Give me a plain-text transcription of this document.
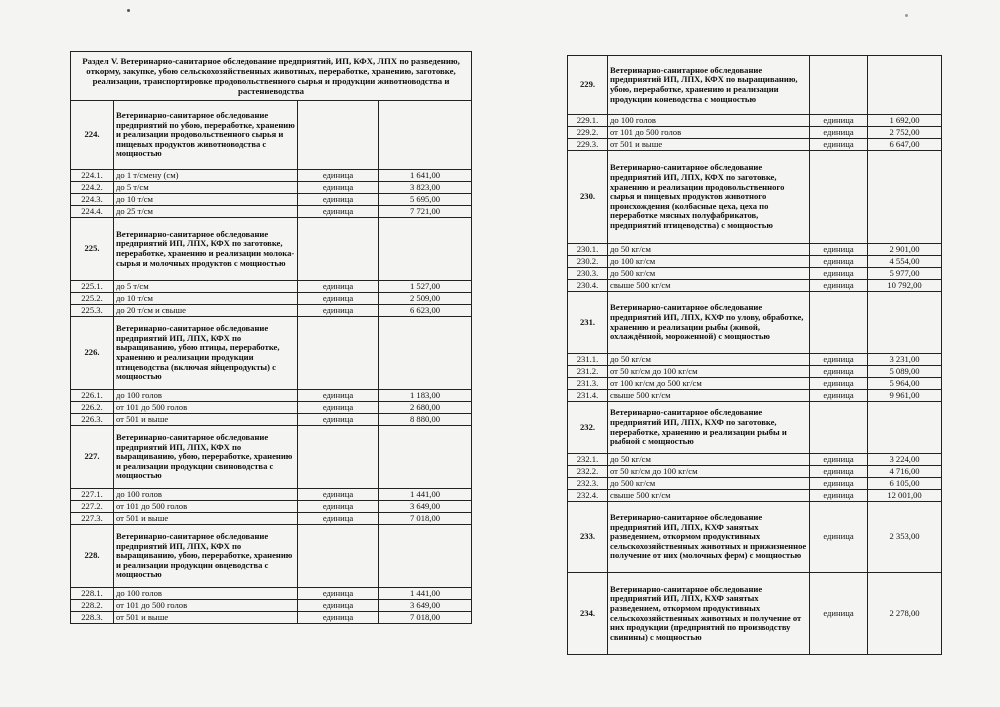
Раздел V. Ветеринарно-санитарное обследование предприятий, ИП, КФХ, ЛПХ по разведению, откорму, закупке, убою сельскохозяйственных животных, переработке, хранению, заготовке, реализации, транспортировке продовольственного сырья и продукции животноводства и растениеводства			
224.	Ветеринарно-санитарное обследование предприятий по убою, переработке, хранению и реализации продовольственного сырья и пищевых продуктов животноводства с мощностью		
224.1.	до 1 т/смену (см)	единица	1 641,00
224.2.	до 5 т/см	единица	3 823,00
224.3.	до 10 т/см	единица	5 695,00
224.4.	до 25 т/см	единица	7 721,00
225.	Ветеринарно-санитарное обследование предприятий ИП, ЛПХ, КФХ по заготовке, переработке, хранению и реализации молока-сырья и молочных продуктов с мощностью		
225.1.	до 5 т/см	единица	1 527,00
225.2.	до 10 т/см	единица	2 509,00
225.3.	до 20 т/см и свыше	единица	6 623,00
226.	Ветеринарно-санитарное обследование предприятий ИП, ЛПХ, КФХ по выращиванию, убою птицы, переработке, хранению и реализации продукции птицеводства (включая яйцепродукты) с мощностью		
226.1.	до 100 голов	единица	1 183,00
226.2.	от 101 до 500 голов	единица	2 680,00
226.3.	от 501 и выше	единица	8 880,00
227.	Ветеринарно-санитарное обследование предприятий ИП, ЛПХ, КФХ по выращиванию, убою, переработке, хранению и реализации продукции свиноводства с мощностью		
227.1.	до 100 голов	единица	1 441,00
227.2.	от 101 до 500 голов	единица	3 649,00
227.3.	от 501 и выше	единица	7 018,00
228.	Ветеринарно-санитарное обследование предприятий ИП, ЛПХ, КФХ по выращиванию, убою, переработке, хранению и реализации продукции овцеводства с мощностью		
228.1.	до 100 голов	единица	1 441,00
228.2.	от 101 до 500 голов	единица	3 649,00
228.3.	от 501 и выше	единица	7 018,00
229.	Ветеринарно-санитарное обследование предприятий ИП, ЛПХ, КФХ по выращиванию, убою, переработке, хранению и реализации продукции коневодства с мощностью		
229.1.	до 100 голов	единица	1 692,00
229.2.	от 101 до 500 голов	единица	2 752,00
229.3.	от 501 и выше	единица	6 647,00
230.	Ветеринарно-санитарное обследование предприятий ИП, ЛПХ, КФХ по заготовке, хранению и реализации продовольственного сырья и пищевых продуктов животного происхождения (колбасные цеха, цеха по переработке мясных полуфабрикатов, предприятий птицеводства) с мощностью		
230.1.	до 50 кг/см	единица	2 901,00
230.2.	до 100 кг/см	единица	4 554,00
230.3.	до 500 кг/см	единица	5 977,00
230.4.	свыше 500 кг/см	единица	10 792,00
231.	Ветеринарно-санитарное обследование предприятий ИП, ЛПХ, КХФ по улову, обработке, хранению и реализации рыбы (живой, охлаждённой, мороженной) с мощностью		
231.1.	до 50 кг/см	единица	3 231,00
231.2.	от 50 кг/см до 100 кг/см	единица	5 089,00
231.3.	от 100 кг/см до 500 кг/см	единица	5 964,00
231.4.	свыше 500 кг/см	единица	9 961,00
232.	Ветеринарно-санитарное обследование предприятий ИП, ЛПХ, КХФ по заготовке, переработке, хранению и реализации рыбы и рыбной с мощностью		
232.1.	до 50 кг/см	единица	3 224,00
232.2.	от 50 кг/см до 100 кг/см	единица	4 716,00
232.3.	до 500 кг/см	единица	6 105,00
232.4.	свыше 500 кг/см	единица	12 001,00
233.	Ветеринарно-санитарное обследование предприятий ИП, ЛПХ, КХФ занятых разведением, откормом продуктивных сельскохозяйственных животных и прижизненное получение от них (молочных ферм) с мощностью	единица	2 353,00
234.	Ветеринарно-санитарное обследование предприятий ИП, ЛПХ, КХФ занятых разведением, откормом продуктивных сельскохозяйственных животных и получение от них продукции (предприятий по производству свинины) с мощностью	единица	2 278,00
